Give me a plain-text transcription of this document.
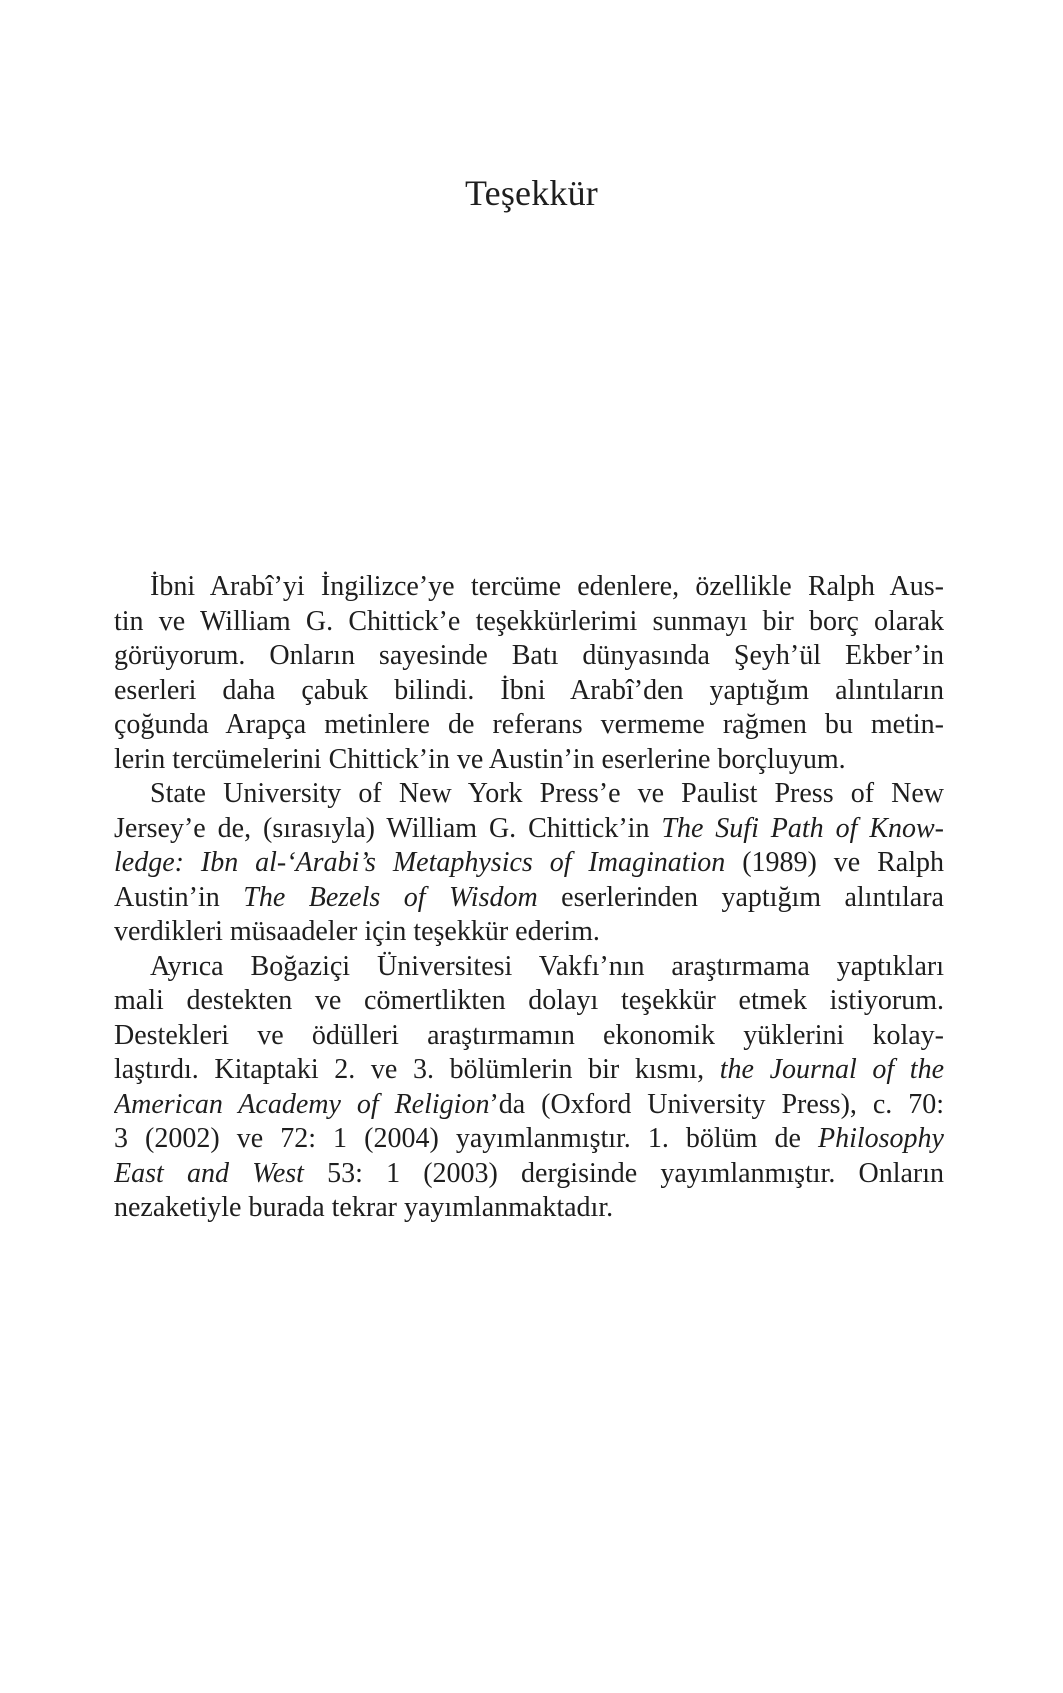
Teşekkür
İbni Arabî’yi İngilizce’ye tercüme edenlere, özellikle Ralph Aus-
tin ve William G. Chittick’e teşekkürlerimi sunmayı bir borç olarak
görüyorum. Onların sayesinde Batı dünyasında Şeyh’ül Ekber’in
eserleri daha çabuk bilindi. İbni Arabî’den yaptığım alıntıların
çoğunda Arapça metinlere de referans vermeme rağmen bu metin-
lerin tercümelerini Chittick’in ve Austin’in eserlerine borçluyum.
State University of New York Press’e ve Paulist Press of New
Jersey’e de, (sırasıyla) William G. Chittick’in The Sufi Path of Know-
ledge: Ibn al-‘Arabi’s Metaphysics of Imagination (1989) ve Ralph
Austin’in The Bezels of Wisdom eserlerinden yaptığım alıntılara
verdikleri müsaadeler için teşekkür ederim.
Ayrıca Boğaziçi Üniversitesi Vakfı’nın araştırmama yaptıkları
mali destekten ve cömertlikten dolayı teşekkür etmek istiyorum.
Destekleri ve ödülleri araştırmamın ekonomik yüklerini kolay-
laştırdı. Kitaptaki 2. ve 3. bölümlerin bir kısmı, the Journal of the
American Academy of Religion’da (Oxford University Press), c. 70:
3 (2002) ve 72: 1 (2004) yayımlanmıştır. 1. bölüm de Philosophy
East and West 53: 1 (2003) dergisinde yayımlanmıştır. Onların
nezaketiyle burada tekrar yayımlanmaktadır.
